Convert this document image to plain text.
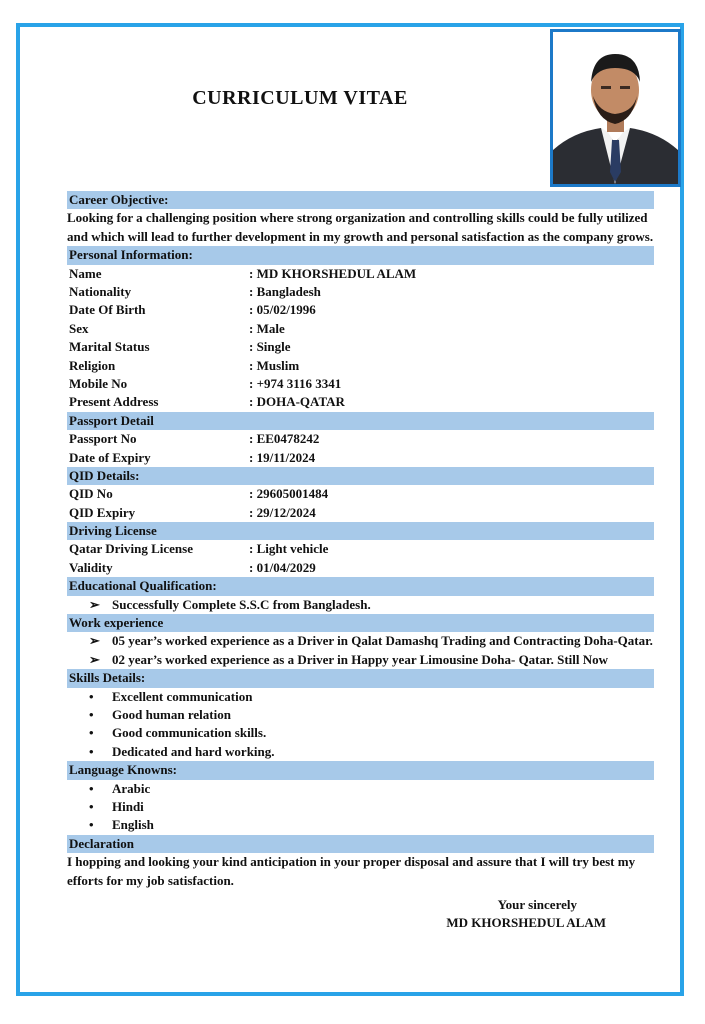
CURRICULUM VITAE
Career Objective:
Looking for a challenging position where strong organization and controlling skills could be fully utilized and which will lead to further development in my growth and personal satisfaction as the company grows.
Personal Information:
Name	: MD KHORSHEDUL ALAM
Nationality	: Bangladesh
Date Of Birth	: 05/02/1996
Sex	: Male
Marital Status	: Single
Religion	: Muslim
Mobile No	: +974 3116 3341
Present Address	: DOHA-QATAR
Passport Detail
Passport No	: EE0478242
Date of Expiry	: 19/11/2024
QID Details:
QID No	: 29605001484
QID Expiry	: 29/12/2024
Driving License
Qatar Driving License	: Light vehicle
Validity	: 01/04/2029
Educational Qualification:
➢ Successfully Complete S.S.C from Bangladesh.
Work experience
➢ 05 year’s worked experience as a Driver in Qalat Damashq Trading and Contracting Doha-Qatar.
➢ 02 year’s worked experience as a Driver in Happy year Limousine Doha- Qatar. Still Now
Skills Details:
• Excellent communication
• Good human relation
• Good communication skills.
• Dedicated and hard working.
Language Knowns:
• Arabic
• Hindi
• English
Declaration
I hopping and looking your kind anticipation in your proper disposal and assure that I will try best my efforts for my job satisfaction.
Your sincerely
MD KHORSHEDUL ALAM
